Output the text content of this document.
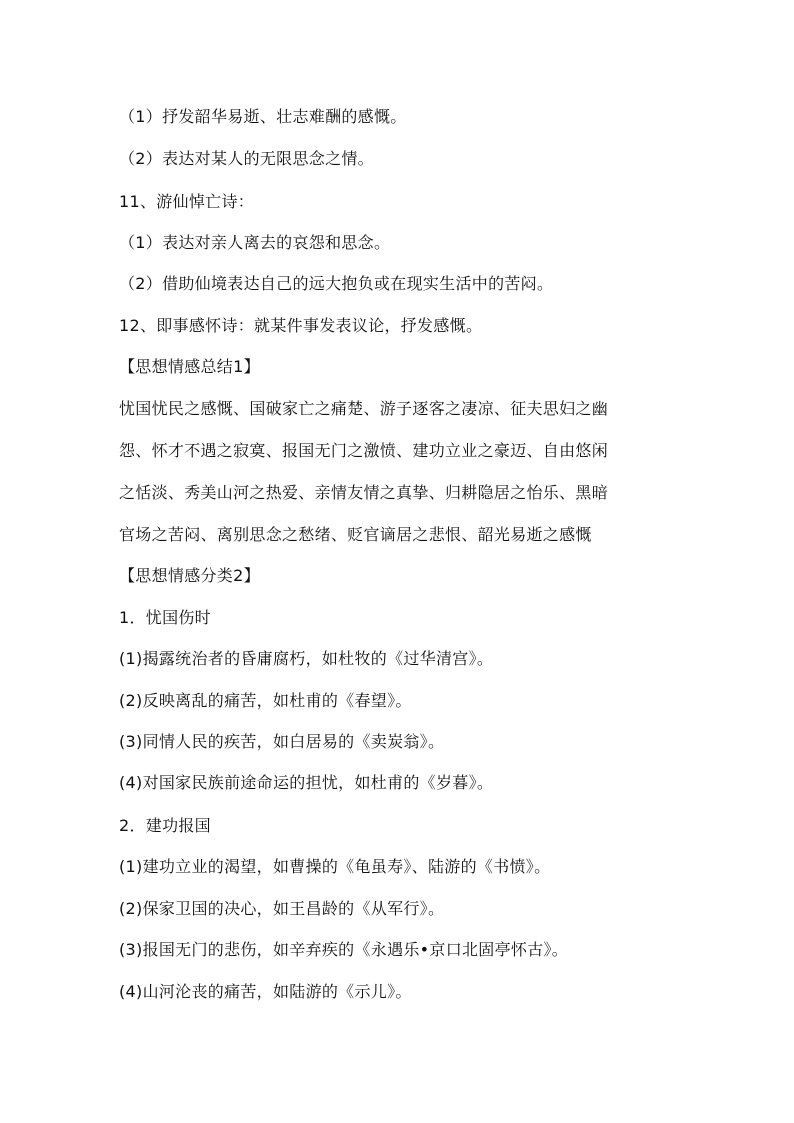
（1）抒发韶华易逝、壮志难酬的感慨。
（2）表达对某人的无限思念之情。
11、游仙悼亡诗：
（1）表达对亲人离去的哀怨和思念。
（2）借助仙境表达自己的远大抱负或在现实生活中的苦闷。
12、即事感怀诗：就某件事发表议论，抒发感慨。
【思想情感总结1】
忧国忧民之感慨、国破家亡之痛楚、游子逐客之凄凉、征夫思妇之幽
怨、怀才不遇之寂寞、报国无门之激愤、建功立业之豪迈、自由悠闲
之恬淡、秀美山河之热爱、亲情友情之真挚、归耕隐居之怡乐、黑暗
官场之苦闷、离别思念之愁绪、贬官谪居之悲恨、韶光易逝之感慨
【思想情感分类2】
1．忧国伤时
(1)揭露统治者的昏庸腐朽，如杜牧的《过华清宫》。
(2)反映离乱的痛苦，如杜甫的《春望》。
(3)同情人民的疾苦，如白居易的《卖炭翁》。
(4)对国家民族前途命运的担忧，如杜甫的《岁暮》。
2．建功报国
(1)建功立业的渴望，如曹操的《龟虽寿》、陆游的《书愤》。
(2)保家卫国的决心，如王昌龄的《从军行》。
(3)报国无门的悲伤，如辛弃疾的《永遇乐•京口北固亭怀古》。
(4)山河沦丧的痛苦，如陆游的《示儿》。
